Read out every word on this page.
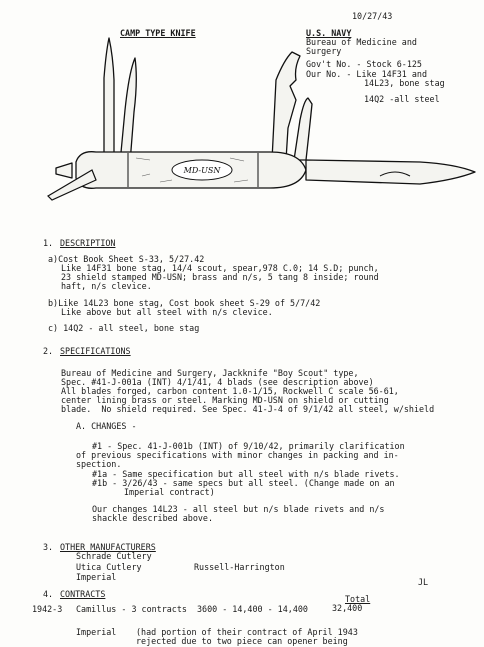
10/27/43
CAMP TYPE KNIFE	U.S. NAVY
Bureau of Medicine and
Surgery
Gov't No. - Stock 6-125
Our No. - Like 14F31 and
14L23, bone stag
14Q2 -all steel
MD-USN
1. DESCRIPTION
a)Cost Book Sheet S-33, 5/27.42
Like 14F31 bone stag, 14/4 scout, spear,978 C.0; 14 S.D; punch,
23 shield stamped MD-USN; brass and n/s, 5 tang 8 inside; round
haft, n/s clevice.
b)Like 14L23 bone stag, Cost book sheet S-29 of 5/7/42
Like above but all steel with n/s clevice.
c) 14Q2 - all steel, bone stag
2. SPECIFICATIONS
Bureau of Medicine and Surgery, Jackknife "Boy Scout" type,
Spec. #41-J-001a (INT) 4/1/41, 4 blads (see description above)
All blades forged, carbon content 1.0-1/15, Rockwell C scale 56-61,
center lining brass or steel. Marking MD-USN on shield or cutting
blade.  No shield required. See Spec. 41-J-4 of 9/1/42 all steel, w/shield
A. CHANGES -
#1 - Spec. 41-J-001b (INT) of 9/10/42, primarily clarification
of previous specifications with minor changes in packing and in-
spection.
#1a - Same specification but all steel with n/s blade rivets.
#1b - 3/26/43 - same specs but all steel. (Change made on an
Imperial contract)
Our changes 14L23 - all steel but n/s blade rivets and n/s
shackle described above.
3. OTHER MANUFACTURERS
Schrade Cutlery
Utica Cutlery	Russell-Harrington
Imperial	JL
4. CONTRACTS	Total
1942-3 Camillus - 3 contracts  3600 - 14,400 - 14,400	32,400
Imperial (had portion of their contract of April 1943
rejected due to two piece can opener being
